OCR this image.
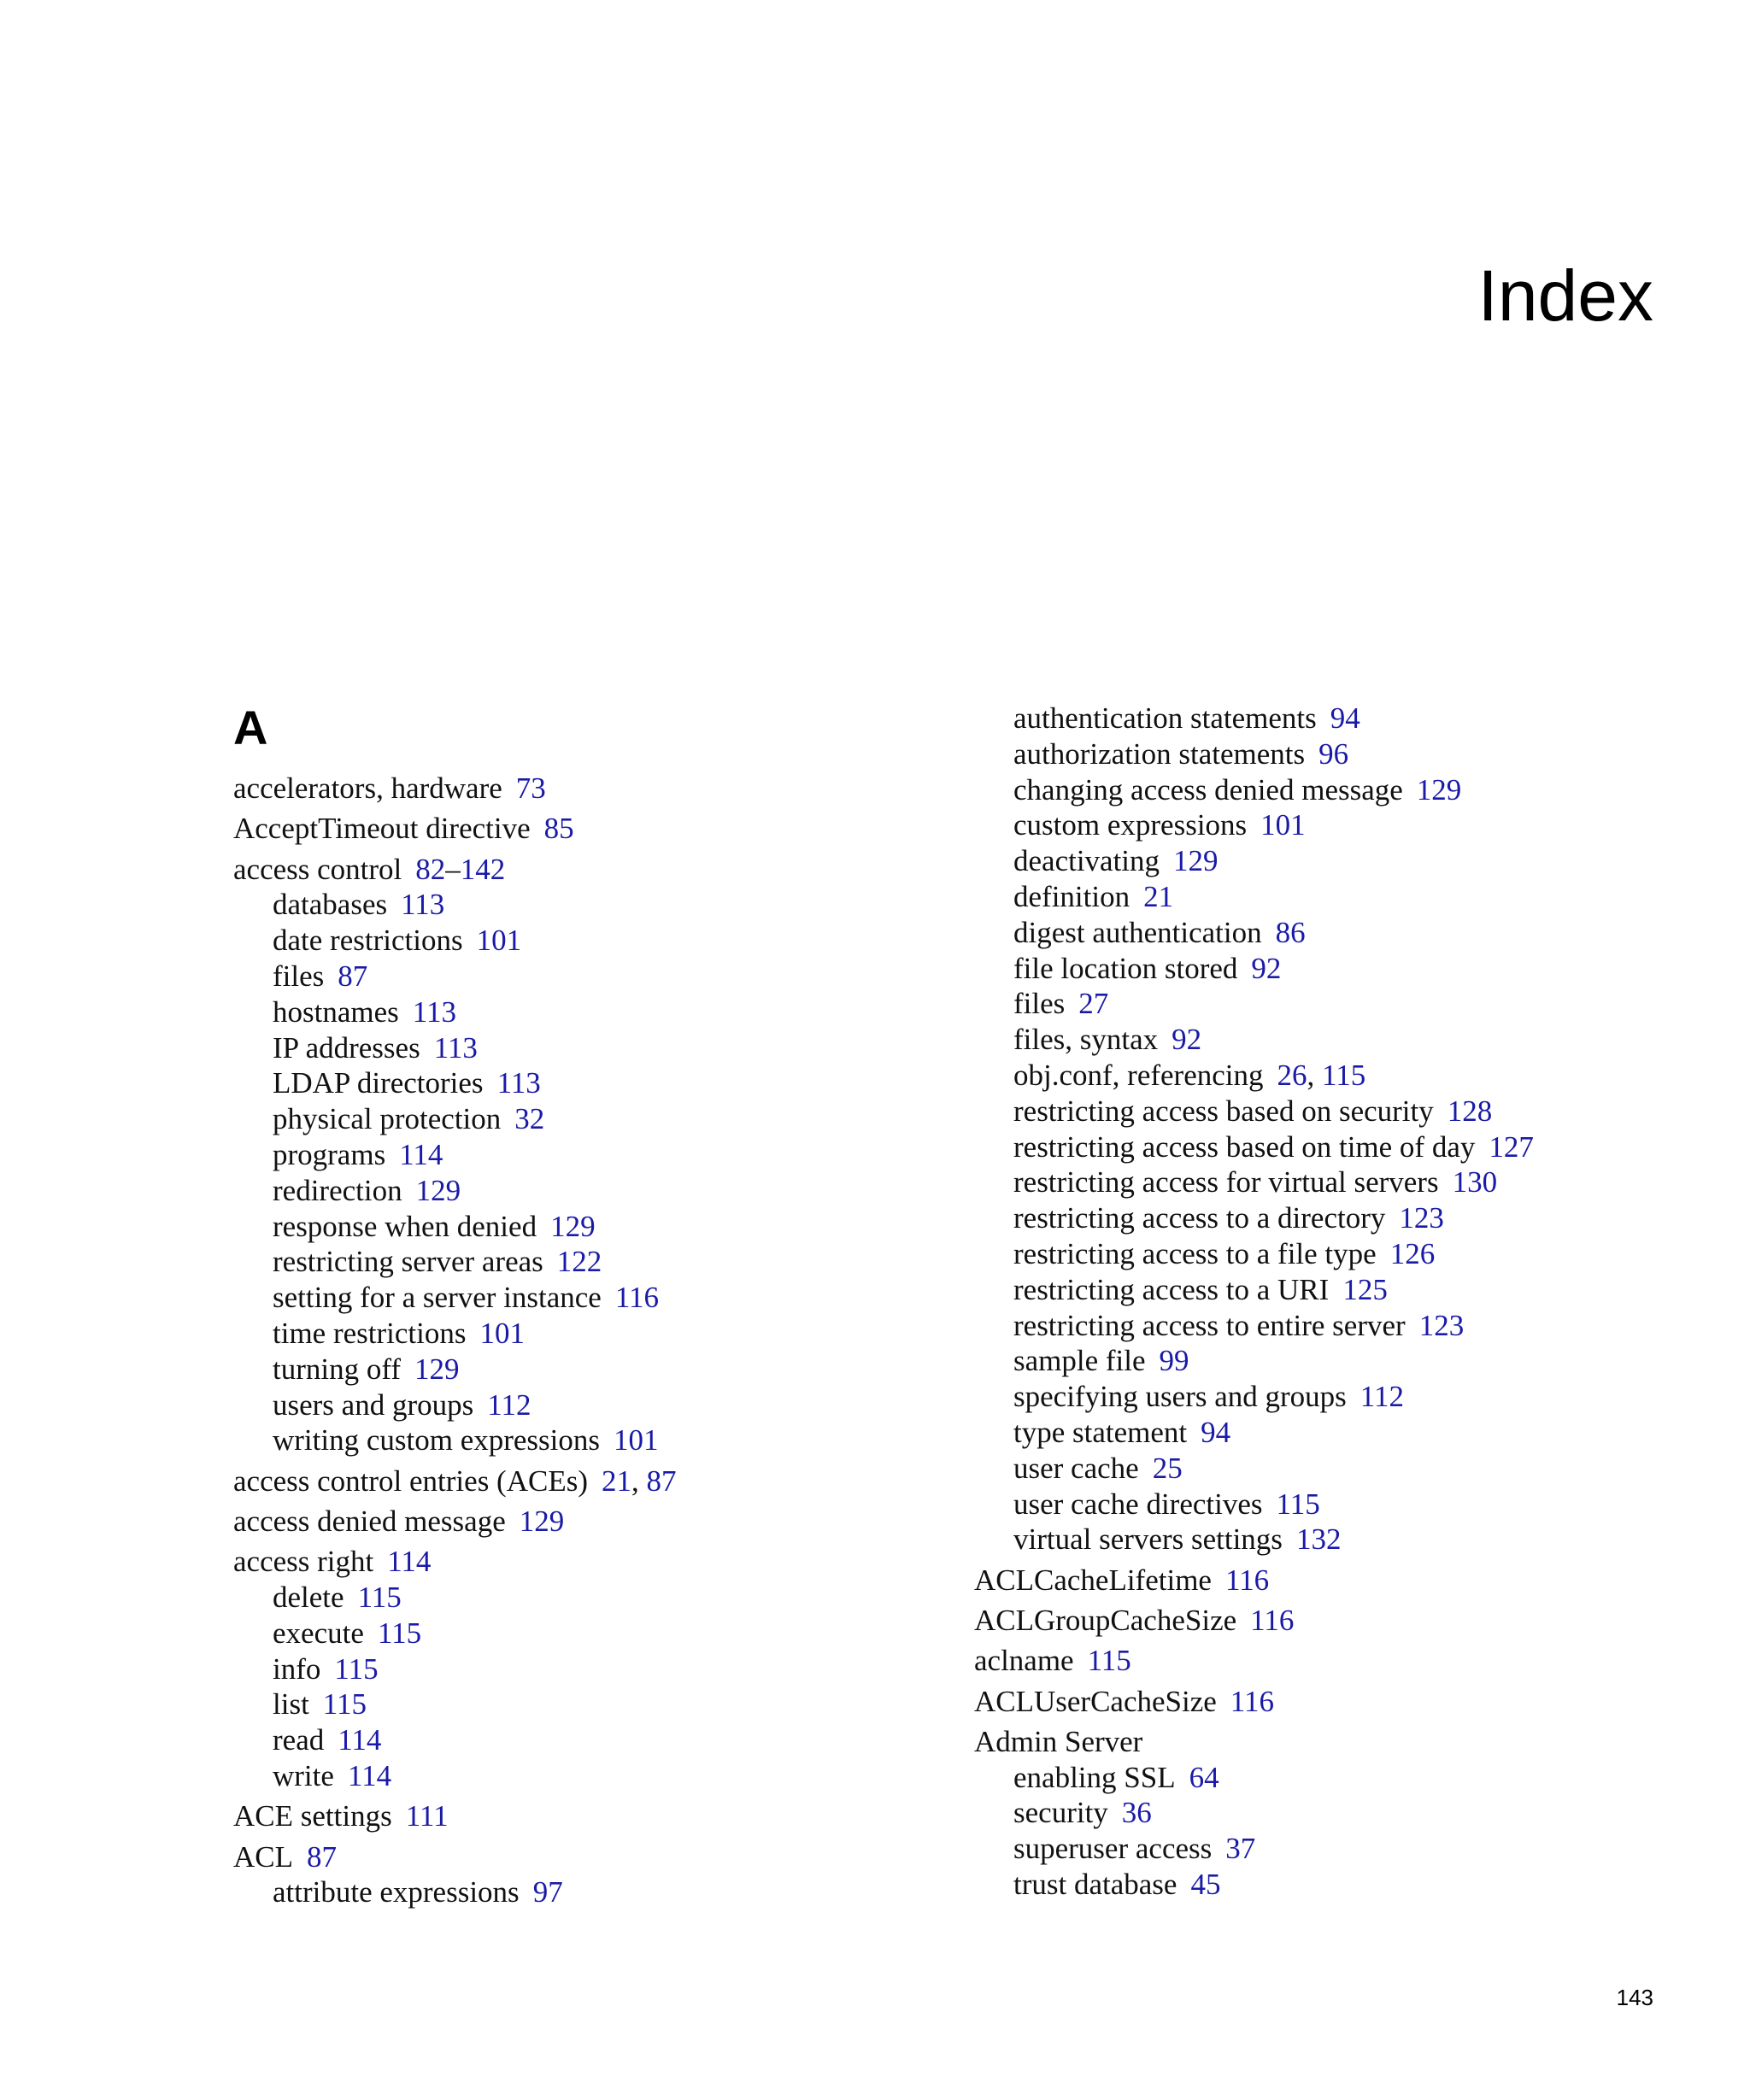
Index
A
accelerators, hardware 73
AcceptTimeout directive 85
access control 82–142
databases 113
date restrictions 101
files 87
hostnames 113
IP addresses 113
LDAP directories 113
physical protection 32
programs 114
redirection 129
response when denied 129
restricting server areas 122
setting for a server instance 116
time restrictions 101
turning off 129
users and groups 112
writing custom expressions 101
access control entries (ACEs) 21, 87
access denied message 129
access right 114
delete 115
execute 115
info 115
list 115
read 114
write 114
ACE settings 111
ACL 87
attribute expressions 97
authentication statements 94
authorization statements 96
changing access denied message 129
custom expressions 101
deactivating 129
definition 21
digest authentication 86
file location stored 92
files 27
files, syntax 92
obj.conf, referencing 26, 115
restricting access based on security 128
restricting access based on time of day 127
restricting access for virtual servers 130
restricting access to a directory 123
restricting access to a file type 126
restricting access to a URI 125
restricting access to entire server 123
sample file 99
specifying users and groups 112
type statement 94
user cache 25
user cache directives 115
virtual servers settings 132
ACLCacheLifetime 116
ACLGroupCacheSize 116
aclname 115
ACLUserCacheSize 116
Admin Server
enabling SSL 64
security 36
superuser access 37
trust database 45
143
